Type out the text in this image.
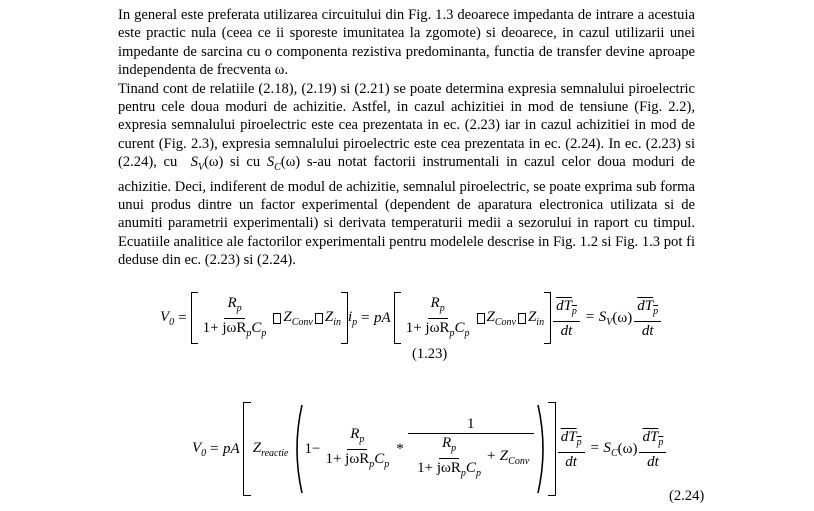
In general este preferata utilizarea circuitului din Fig. 1.3 deoarece impedanta de intrare a acestuia este practic nula (ceea ce ii sporeste imunitatea la zgomote) si deoarece, in cazul utilizarii unei impedante de sarcina cu o componenta rezistiva predominanta, functia de transfer devine aproape independenta de frecventa ω.

Tinand cont de relatiile (2.18), (2.19) si (2.21) se poate determina expresia semnalului piroelectric pentru cele doua moduri de achizitie. Astfel, in cazul achizitiei in mod de tensiune (Fig. 2.2), expresia semnalului piroelectric este cea prezentata in ec. (2.23) iar in cazul achizitiei in mod de curent (Fig. 2.3), expresia semnalului piroelectric este cea prezentata in ec. (2.24). In ec. (2.23) si (2.24), cu $S_V(\omega)$ si cu $S_C(\omega)$ s-au notat factorii instrumentali in cazul celor doua moduri de achizitie. Deci, indiferent de modul de achizitie, semnalul piroelectric, se poate exprima sub forma unui produs dintre un factor experimental (dependent de aparatura electronica utilizata si de anumiti parametrii experimentali) si derivata temperaturii medii a sezorului in raport cu timpul. Ecuatiile analitice ale factorilor experimentali pentru modelele descrise in Fig. 1.2 si Fig. 1.3 pot fi deduse din ec. (2.23) si (2.24).

$V_0 = \frac{R_p}{1+ j\omega R_pC_p} Z_{Conv}$ $Z_{in}$ $i_p$ = pA $\frac{R_p}{1+ j\omega R_pC_p} Z_{Conv}$ $Z_{in} \frac{dT_p}{dt} = S_V$ $(\omega) \frac{dT_p}{dt}$
(1.23)
$V_0$ = pA $Z_{reactie}$ $1- \frac{R_p}{1+ j\omega R_pC_p} * \frac{1}{\frac{R_p}{1+ j\omega R_pC_p} + Z_{Conv}} \frac{dT_p}{dt} = S_C$ $(\omega) \frac{dT_p}{dt}$
(2.24)
